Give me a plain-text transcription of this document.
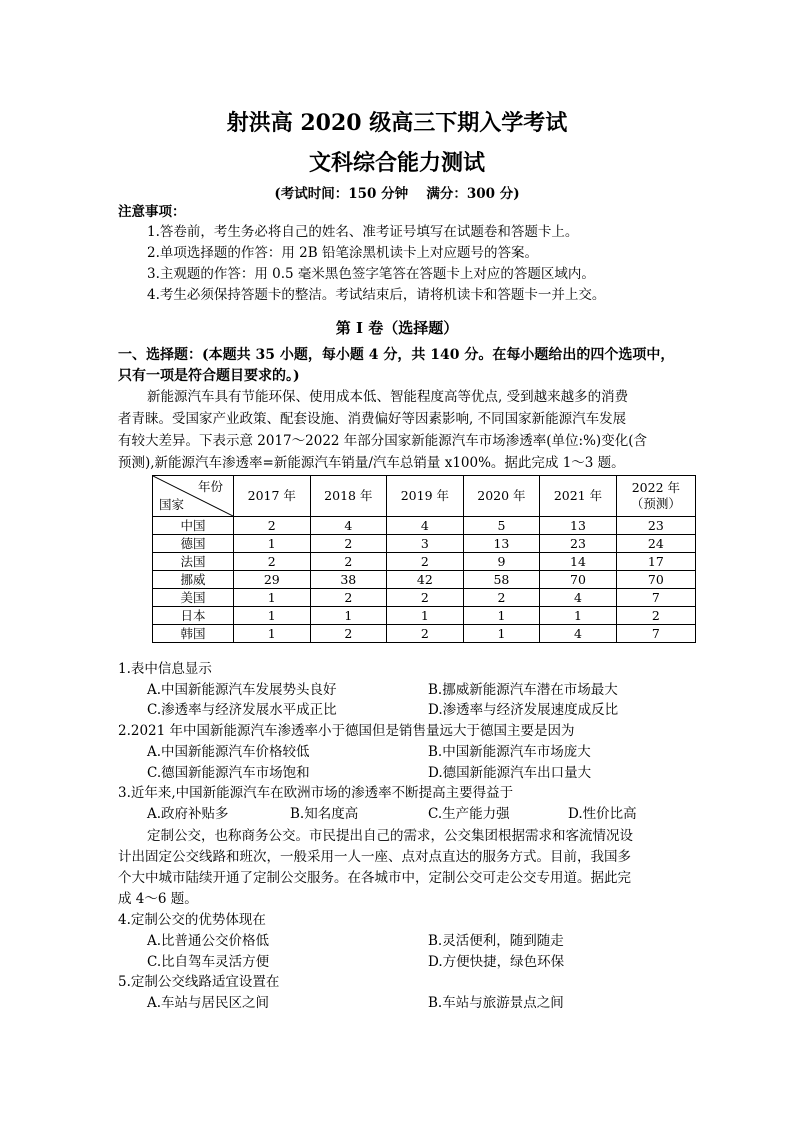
射洪高 2020 级高三下期入学考试
文科综合能力测试
(考试时间：150 分钟　 满分：300 分)
注意事项：
1.答卷前，考生务必将自己的姓名、准考证号填写在试题卷和答题卡上。
2.单项选择题的作答：用 2B 铅笔涂黑机读卡上对应题号的答案。
3.主观题的作答：用 0.5 毫米黑色签字笔答在答题卡上对应的答题区域内。
4.考生必须保持答题卡的整洁。考试结束后，请将机读卡和答题卡一并上交。
第 I 卷（选择题）
一、选择题：(本题共 35 小题，每小题 4 分，共 140 分。在每小题给出的四个选项中，
只有一项是符合题目要求的。)
新能源汽车具有节能环保、使用成本低、智能程度高等优点, 受到越来越多的消费
者青睐。受国家产业政策、配套设施、消费偏好等因素影响, 不同国家新能源汽车发展
有较大差异。下表示意 2017～2022 年部分国家新能源汽车市场渗透率(单位:%)变化(含
预测),新能源汽车渗透率=新能源汽车销量/汽车总销量 x100%。据此完成 1～3 题。
年份
国家	2017 年	2018 年	2019 年	2020 年	2021 年	2022 年
（预测）
中国	2	4	4	5	13	23
德国	1	2	3	13	23	24
法国	2	2	2	9	14	17
挪威	29	38	42	58	70	70
美国	1	2	2	2	4	7
日本	1	1	1	1	1	2
韩国	1	2	2	1	4	7
1.表中信息显示
A.中国新能源汽车发展势头良好	B.挪威新能源汽车潜在市场最大
C.渗透率与经济发展水平成正比	D.渗透率与经济发展速度成反比
2.2021 年中国新能源汽车渗透率小于德国但是销售量远大于德国主要是因为
A.中国新能源汽车价格较低	B.中国新能源汽车市场庞大
C.德国新能源汽车市场饱和	D.德国新能源汽车出口量大
3.近年来,中国新能源汽车在欧洲市场的渗透率不断提高主要得益于
A.政府补贴多	B.知名度高	C.生产能力强	D.性价比高
定制公交，也称商务公交。市民提出自己的需求，公交集团根据需求和客流情况设
计出固定公交线路和班次，一般采用一人一座、点对点直达的服务方式。目前，我国多
个大中城市陆续开通了定制公交服务。在各城市中，定制公交可走公交专用道。据此完
成 4～6 题。
4.定制公交的优势体现在
A.比普通公交价格低	B.灵活便利，随到随走
C.比自驾车灵活方便	D.方便快捷，绿色环保
5.定制公交线路适宜设置在
A.车站与居民区之间	B.车站与旅游景点之间
